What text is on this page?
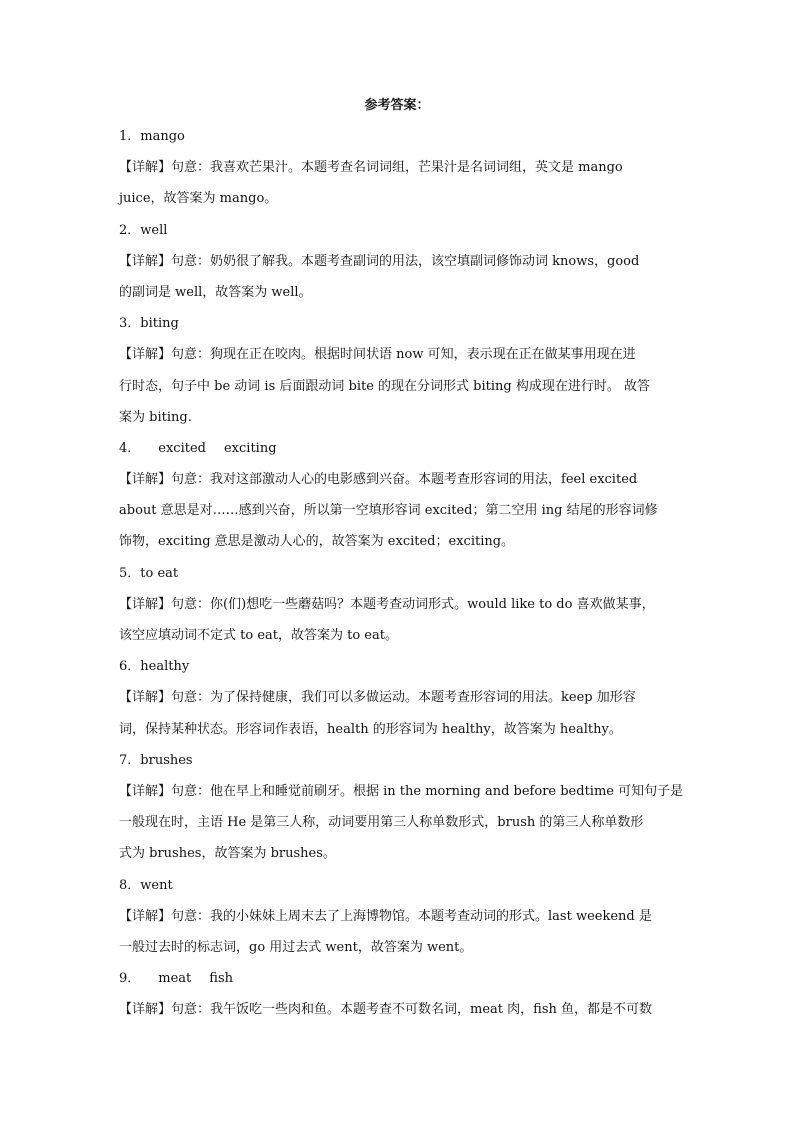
参考答案：
1．mango
【详解】句意：我喜欢芒果汁。本题考查名词词组，芒果汁是名词词组，英文是 mango
juice，故答案为 mango。
2．well
【详解】句意：奶奶很了解我。本题考查副词的用法，该空填副词修饰动词 knows，good
的副词是 well，故答案为 well。
3．biting
【详解】句意：狗现在正在咬肉。根据时间状语 now 可知，表示现在正在做某事用现在进
行时态，句子中 be 动词 is 后面跟动词 bite 的现在分词形式 biting 构成现在进行时。 故答
案为 biting.
4． excited exciting
【详解】句意：我对这部激动人心的电影感到兴奋。本题考查形容词的用法，feel excited
about 意思是对……感到兴奋，所以第一空填形容词 excited；第二空用 ing 结尾的形容词修
饰物，exciting 意思是激动人心的，故答案为 excited；exciting。
5．to eat
【详解】句意：你(们)想吃一些蘑菇吗？本题考查动词形式。would like to do 喜欢做某事，
该空应填动词不定式 to eat，故答案为 to eat。
6．healthy
【详解】句意：为了保持健康，我们可以多做运动。本题考查形容词的用法。keep 加形容
词，保持某种状态。形容词作表语，health 的形容词为 healthy，故答案为 healthy。
7．brushes
【详解】句意：他在早上和睡觉前刷牙。根据 in the morning and before bedtime 可知句子是
一般现在时，主语 He 是第三人称，动词要用第三人称单数形式，brush 的第三人称单数形
式为 brushes，故答案为 brushes。
8．went
【详解】句意：我的小妹妹上周末去了上海博物馆。本题考查动词的形式。last weekend 是
一般过去时的标志词，go 用过去式 went，故答案为 went。
9． meat fish
【详解】句意：我午饭吃一些肉和鱼。本题考查不可数名词，meat 肉，fish 鱼，都是不可数
